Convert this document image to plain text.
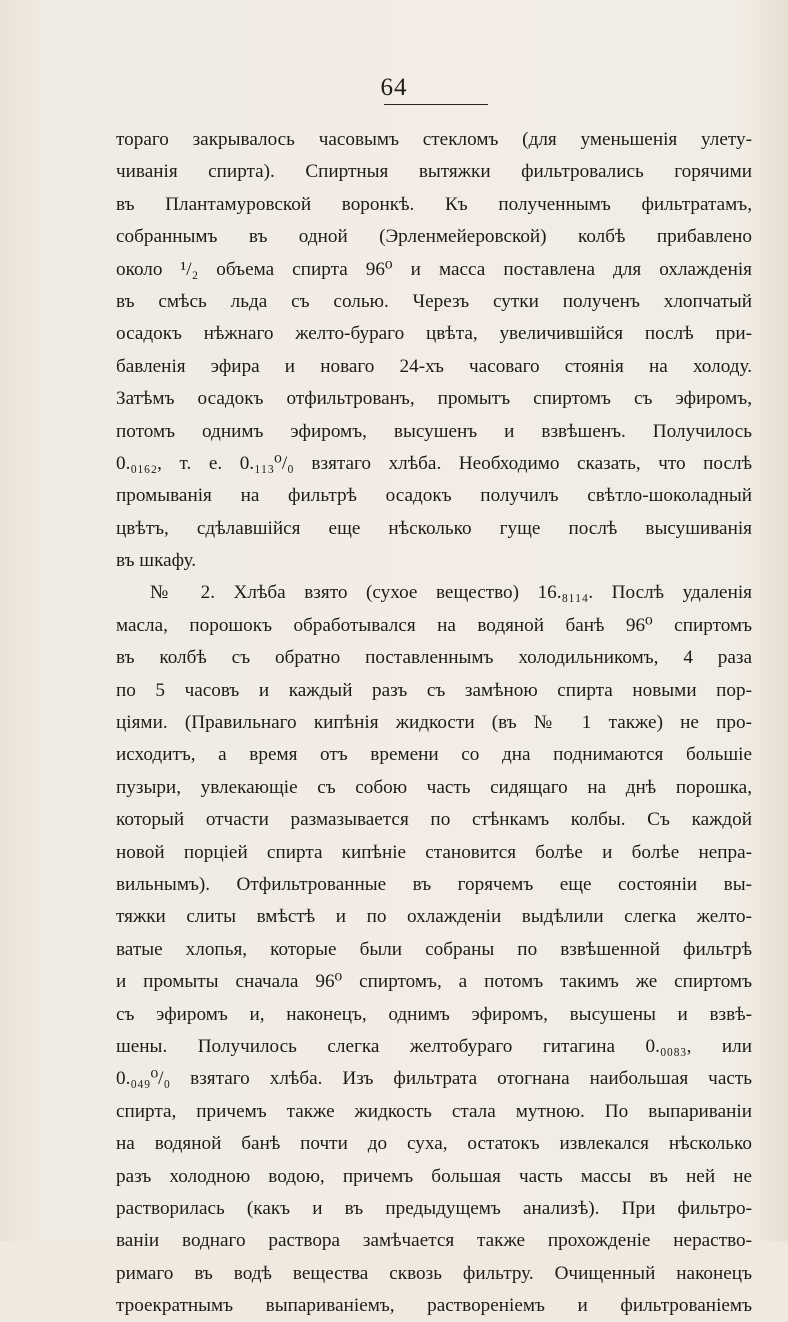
64
тораго закрывалось часовымъ стекломъ (для уменьшенія улету-
чиванія спирта). Спиртныя вытяжки фильтровались горячими
въ Плантамуровской воронкѣ. Къ полученнымъ фильтратамъ,
собраннымъ въ одной (Эрленмейеровской) колбѣ прибавлено
около ¹/₂ объема спирта 96⁰ и масса поставлена для охлажденія
въ смѣсь льда съ солью. Черезъ сутки полученъ хлопчатый
осадокъ нѣжнаго желто-бураго цвѣта, увеличившійся послѣ при-
бавленія эфира и новаго 24-хъ часоваго стоянія на холоду.
Затѣмъ осадокъ отфильтрованъ, промытъ спиртомъ съ эфиромъ,
потомъ однимъ эфиромъ, высушенъ и взвѣшенъ. Получилось
0.₀₁₆₂, т. е. 0.₁₁₃⁰/₀ взятаго хлѣба. Необходимо сказать, что послѣ
промыванія на фильтрѣ осадокъ получилъ свѣтло-шоколадный
цвѣтъ, сдѣлавшійся еще нѣсколько гуще послѣ высушиванія
въ шкафу.
№ 2. Хлѣба взято (сухое вещество) 16.₈₁₁₄. Послѣ удаленія
масла, порошокъ обработывался на водяной банѣ 96⁰ спиртомъ
въ колбѣ съ обратно поставленнымъ холодильникомъ, 4 раза
по 5 часовъ и каждый разъ съ замѣною спирта новыми пор-
ціями. (Правильнаго кипѣнія жидкости (въ № 1 также) не про-
исходитъ, а время отъ времени со дна поднимаются большіе
пузыри, увлекающіе съ собою часть сидящаго на днѣ порошка,
который отчасти размазывается по стѣнкамъ колбы. Съ каждой
новой порціей спирта кипѣніе становится болѣе и болѣе непра-
вильнымъ). Отфильтрованные въ горячемъ еще состояніи вы-
тяжки слиты вмѣстѣ и по охлажденіи выдѣлили слегка желто-
ватые хлопья, которые были собраны по взвѣшенной фильтрѣ
и промыты сначала 96⁰ спиртомъ, а потомъ такимъ же спиртомъ
съ эфиромъ и, наконецъ, однимъ эфиромъ, высушены и взвѣ-
шены. Получилось слегка желтобураго гитагина 0.₀₀₈₃, или
0.₀₄₉⁰/₀ взятаго хлѣба. Изъ фильтрата отогнана наибольшая часть
спирта, причемъ также жидкость стала мутною. По выпариваніи
на водяной банѣ почти до суха, остатокъ извлекался нѣсколько
разъ холодною водою, причемъ большая часть массы въ ней не
растворилась (какъ и въ предыдущемъ анализѣ). При фильтро-
ваніи воднаго раствора замѣчается также прохожденіе нераство-
римаго въ водѣ вещества сквозь фильтру. Очищенный наконецъ
троекратнымъ выпариваніемъ, раствореніемъ и фильтрованіемъ
